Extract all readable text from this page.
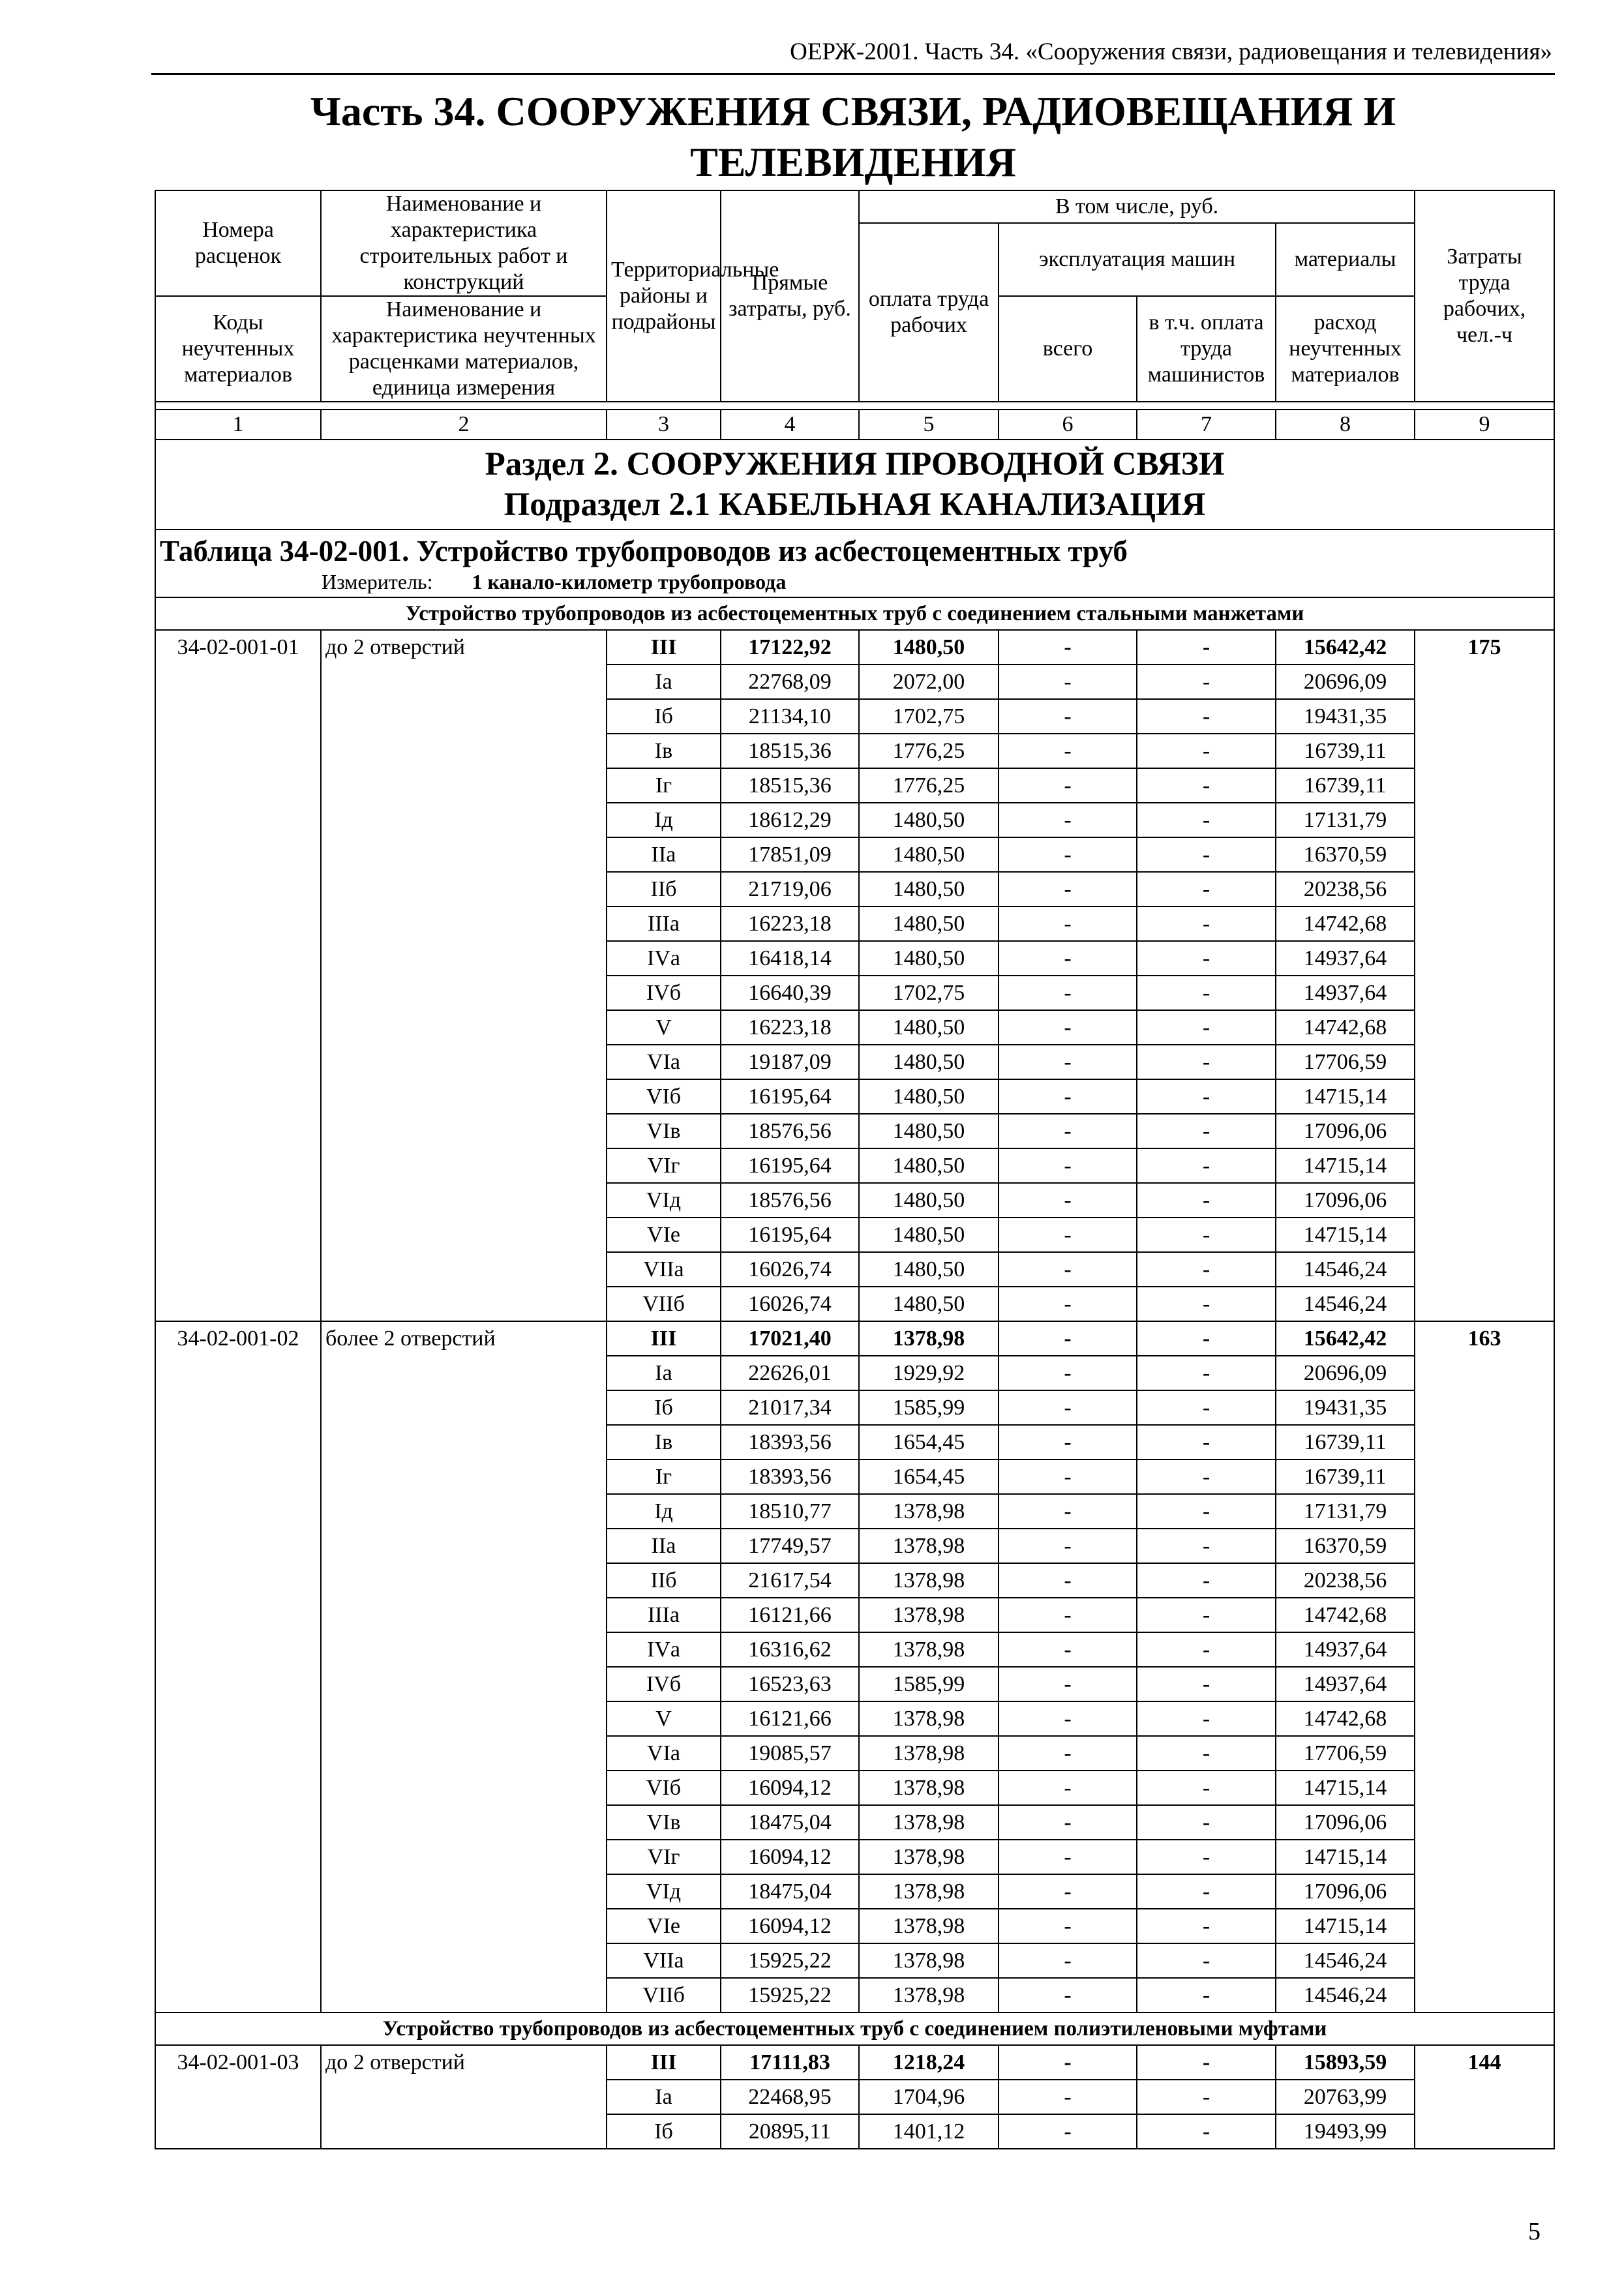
ОЕРЖ-2001. Часть 34. «Сооружения связи, радиовещания и телевидения»
Часть 34. СООРУЖЕНИЯ СВЯЗИ, РАДИОВЕЩАНИЯ И ТЕЛЕВИДЕНИЯ
Номера расценок	Наименование и характеристика строительных работ и конструкций	Территориальные районы и подрайоны	Прямые затраты, руб.	В том числе, руб.				Затраты труда рабочих, чел.-ч
				оплата труда рабочих	эксплуатация машин		материалы	
Коды неучтенных материалов	Наименование и характеристика неучтенных расценками материалов, единица измерения				всего	в т.ч. оплата труда машинистов	расход неучтенных материалов	

1	2	3	4	5	6	7	8	9

Раздел 2. СООРУЖЕНИЯ ПРОВОДНОЙ СВЯЗИ
Подраздел 2.1 КАБЕЛЬНАЯ КАНАЛИЗАЦИЯ								

Таблица 34-02-001. Устройство трубопроводов из асбестоцементных труб
Измеритель: 1 канало-километр трубопровода								

Устройство трубопроводов из асбестоцементных труб с соединением стальными манжетами								
34-02-001-01	до 2 отверстий	III	17122,92	1480,50	-	-	15642,42	175
		Iа	22768,09	2072,00	-	-	20696,09	
		Iб	21134,10	1702,75	-	-	19431,35	
		Iв	18515,36	1776,25	-	-	16739,11	
		Iг	18515,36	1776,25	-	-	16739,11	
		Iд	18612,29	1480,50	-	-	17131,79	
		IIа	17851,09	1480,50	-	-	16370,59	
		IIб	21719,06	1480,50	-	-	20238,56	
		IIIа	16223,18	1480,50	-	-	14742,68	
		IVа	16418,14	1480,50	-	-	14937,64	
		IVб	16640,39	1702,75	-	-	14937,64	
		V	16223,18	1480,50	-	-	14742,68	
		VIа	19187,09	1480,50	-	-	17706,59	
		VIб	16195,64	1480,50	-	-	14715,14	
		VIв	18576,56	1480,50	-	-	17096,06	
		VIг	16195,64	1480,50	-	-	14715,14	
		VIд	18576,56	1480,50	-	-	17096,06	
		VIе	16195,64	1480,50	-	-	14715,14	
		VIIа	16026,74	1480,50	-	-	14546,24	
		VIIб	16026,74	1480,50	-	-	14546,24	
34-02-001-02	более 2 отверстий	III	17021,40	1378,98	-	-	15642,42	163
		Iа	22626,01	1929,92	-	-	20696,09	
		Iб	21017,34	1585,99	-	-	19431,35	
		Iв	18393,56	1654,45	-	-	16739,11	
		Iг	18393,56	1654,45	-	-	16739,11	
		Iд	18510,77	1378,98	-	-	17131,79	
		IIа	17749,57	1378,98	-	-	16370,59	
		IIб	21617,54	1378,98	-	-	20238,56	
		IIIа	16121,66	1378,98	-	-	14742,68	
		IVа	16316,62	1378,98	-	-	14937,64	
		IVб	16523,63	1585,99	-	-	14937,64	
		V	16121,66	1378,98	-	-	14742,68	
		VIа	19085,57	1378,98	-	-	17706,59	
		VIб	16094,12	1378,98	-	-	14715,14	
		VIв	18475,04	1378,98	-	-	17096,06	
		VIг	16094,12	1378,98	-	-	14715,14	
		VIд	18475,04	1378,98	-	-	17096,06	
		VIе	16094,12	1378,98	-	-	14715,14	
		VIIа	15925,22	1378,98	-	-	14546,24	
		VIIб	15925,22	1378,98	-	-	14546,24	
Устройство трубопроводов из асбестоцементных труб с соединением полиэтиленовыми муфтами								
34-02-001-03	до 2 отверстий	III	17111,83	1218,24	-	-	15893,59	144
		Iа	22468,95	1704,96	-	-	20763,99	
		Iб	20895,11	1401,12	-	-	19493,99	
5
